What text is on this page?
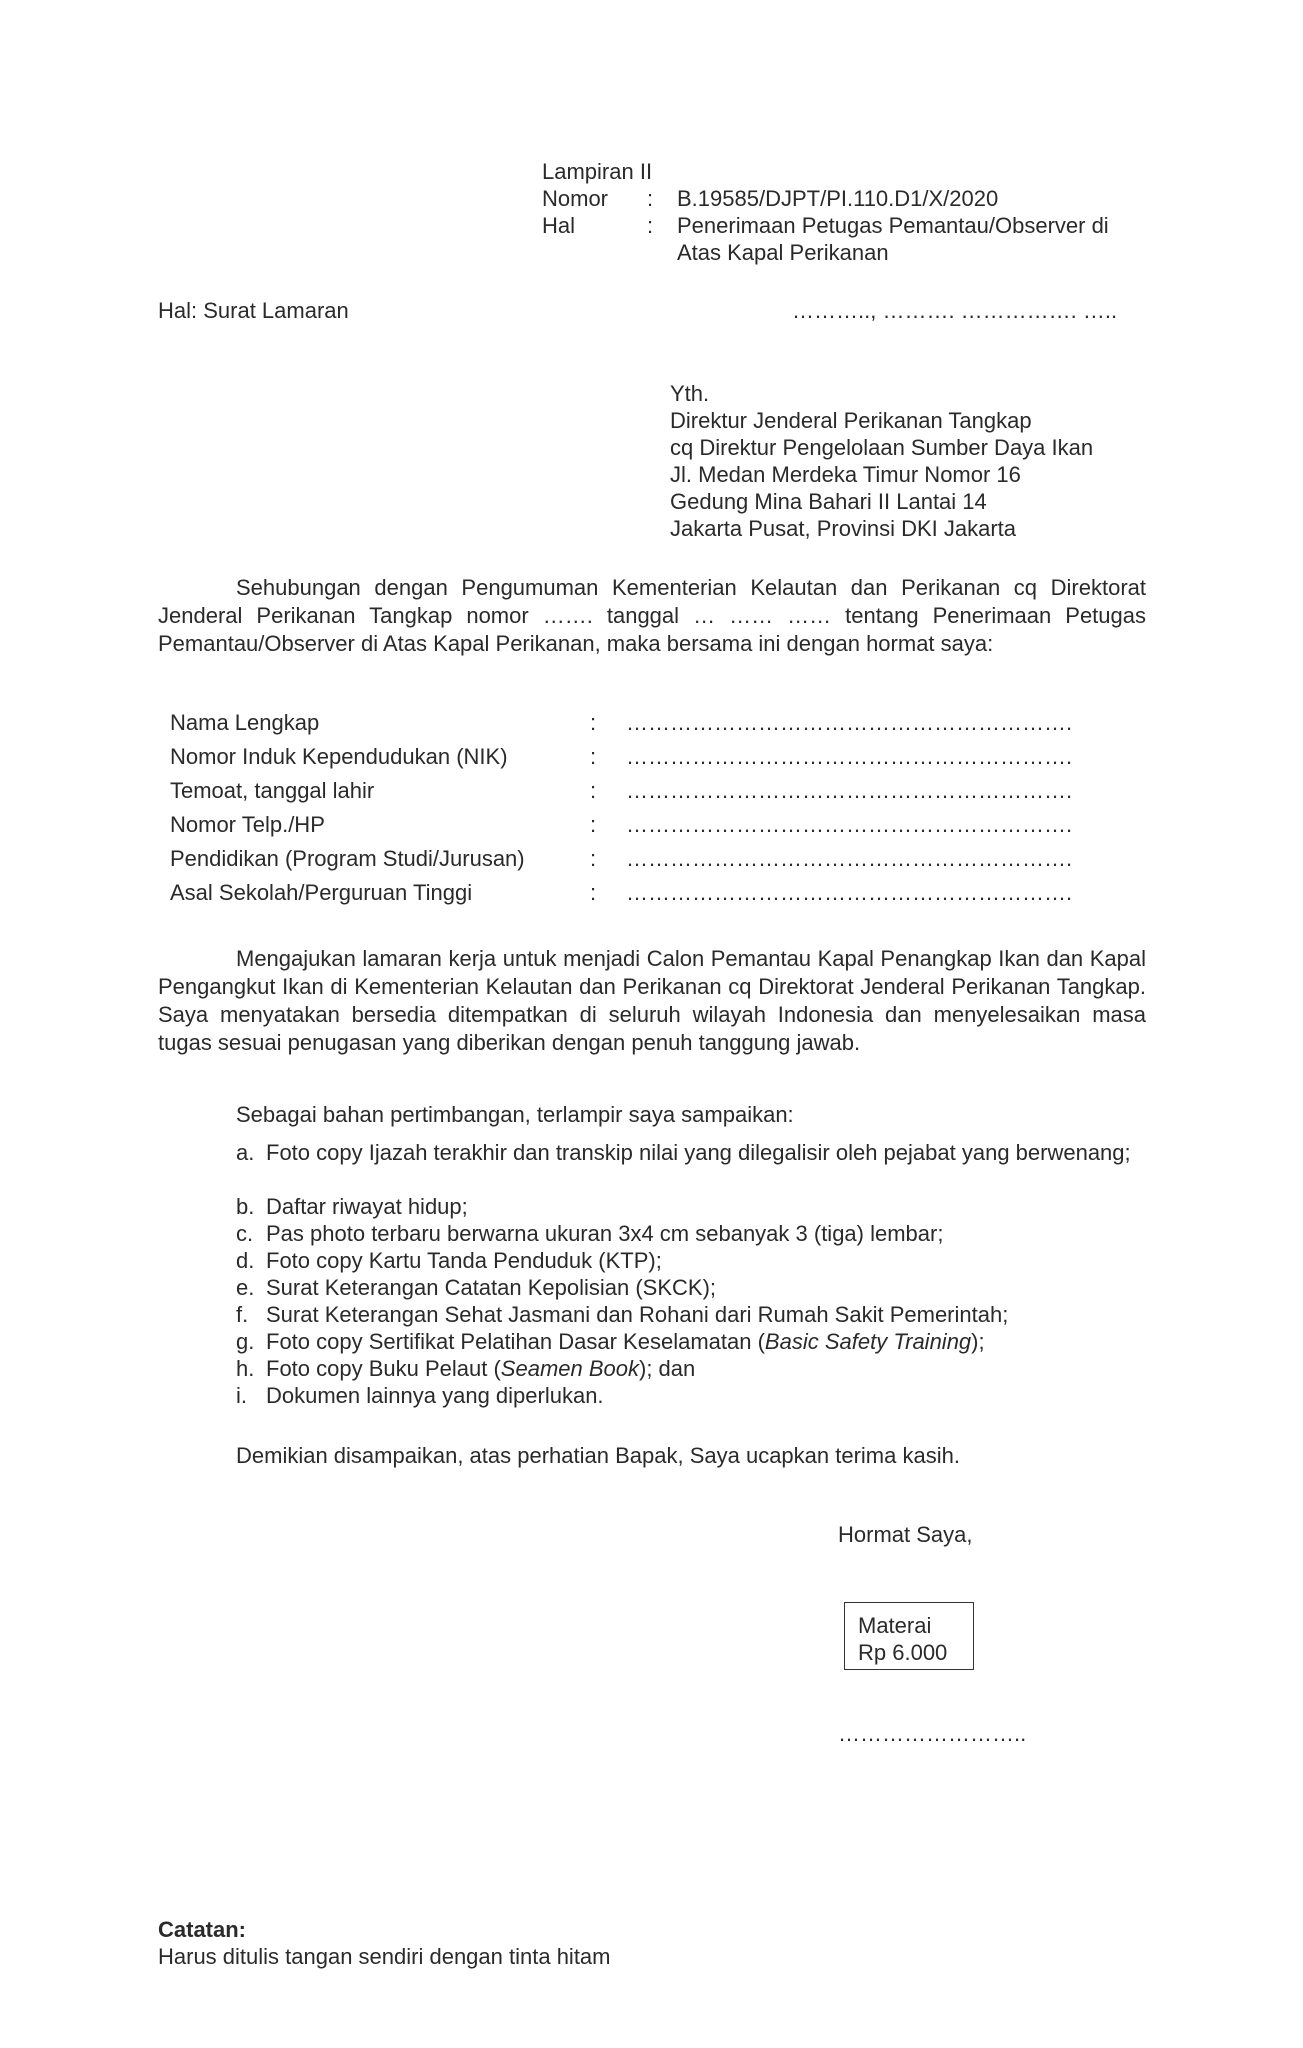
Lampiran II
Nomor	:	B.19585/DJPT/PI.110.D1/X/2020
Hal	:	Penerimaan Petugas Pemantau/Observer di
Atas Kapal Perikanan
Hal: Surat Lamaran	……….., ………. ……………. …..
Yth.
Direktur Jenderal Perikanan Tangkap
cq Direktur Pengelolaan Sumber Daya Ikan
Jl. Medan Merdeka Timur Nomor 16
Gedung Mina Bahari II Lantai 14
Jakarta Pusat, Provinsi DKI Jakarta
Sehubungan dengan Pengumuman Kementerian Kelautan dan Perikanan cq Direktorat Jenderal Perikanan Tangkap nomor ……. tanggal … …… …… tentang Penerimaan Petugas Pemantau/Observer di Atas Kapal Perikanan, maka bersama ini dengan hormat saya:
Nama Lengkap	:	…………………………………………………….
Nomor Induk Kependudukan (NIK)	:	…………………………………………………….
Temoat, tanggal lahir	:	…………………………………………………….
Nomor Telp./HP	:	…………………………………………………….
Pendidikan (Program Studi/Jurusan)	:	…………………………………………………….
Asal Sekolah/Perguruan Tinggi	:	…………………………………………………….
Mengajukan lamaran kerja untuk menjadi Calon Pemantau Kapal Penangkap Ikan dan Kapal Pengangkut Ikan di Kementerian Kelautan dan Perikanan cq Direktorat Jenderal Perikanan Tangkap. Saya menyatakan bersedia ditempatkan di seluruh wilayah Indonesia dan menyelesaikan masa tugas sesuai penugasan yang diberikan dengan penuh tanggung jawab.
Sebagai bahan pertimbangan, terlampir saya sampaikan:
a. Foto copy Ijazah terakhir dan transkip nilai yang dilegalisir oleh pejabat yang berwenang;
b. Daftar riwayat hidup;
c. Pas photo terbaru berwarna ukuran 3x4 cm sebanyak 3 (tiga) lembar;
d. Foto copy Kartu Tanda Penduduk (KTP);
e. Surat Keterangan Catatan Kepolisian (SKCK);
f. Surat Keterangan Sehat Jasmani dan Rohani dari Rumah Sakit Pemerintah;
g. Foto copy Sertifikat Pelatihan Dasar Keselamatan (Basic Safety Training);
h. Foto copy Buku Pelaut (Seamen Book); dan
i. Dokumen lainnya yang diperlukan.
Demikian disampaikan, atas perhatian Bapak, Saya ucapkan terima kasih.
Hormat Saya,
Materai
Rp 6.000
……………………..
Catatan:
Harus ditulis tangan sendiri dengan tinta hitam
